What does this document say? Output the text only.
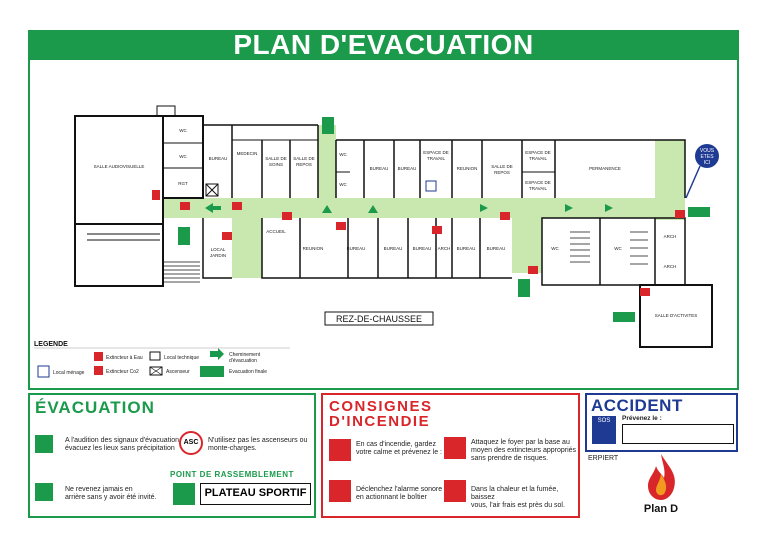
PLAN D'EVACUATION
VOUS
ETES
ICI
SALLE AUDIOVISUELLE
WC
WC
RGT
BUREAU
MEDECIN
SALLE DE
SOINS
SALLE DE
REPOS
WC
WC
BUREAU BUREAU
ESPACE DE
TRAVAIL
REUNION	SALLE DE
REPOS
ESPACE DE
TRAVAIL
ESPACE DE
TRAVAIL
PERMANENCE
LOCAL
JARDIN
ACCUEIL
REUNION	BUREAU	BUREAU BUREAU ARCH BUREAU BUREAU	WC	WC
ARCH
ARCH
SALLE D'ACTIVITES
REZ-DE-CHAUSSEE
LEGENDE
Extincteur à Eau	Local technique	Cheminement
d'évacuation
Local ménage	Extincteur Co2	Ascenseur	Evacuation finale
ÉVACUATION
A l'audition des signaux d'évacuation,
évacuez les lieux sans précipitation
ASC	N'utilisez pas les ascenseurs ou
monte-charges.
POINT DE RASSEMBLEMENT
Ne revenez jamais en
arrière sans y avoir été invité.	PLATEAU SPORTIF
CONSIGNES
D'INCENDIE
En cas d'incendie, gardez
votre calme et prévenez le :
Attaquez le foyer par la base au
moyen des extincteurs appropriés
sans prendre de risques.
Déclenchez l'alarme sonore
en actionnant le boîtier
Dans la chaleur et la fumée, baissez
vous, l'air frais est près du sol.
ACCIDENT
SOS	Prévenez le :
ERPIERT
Plan D
